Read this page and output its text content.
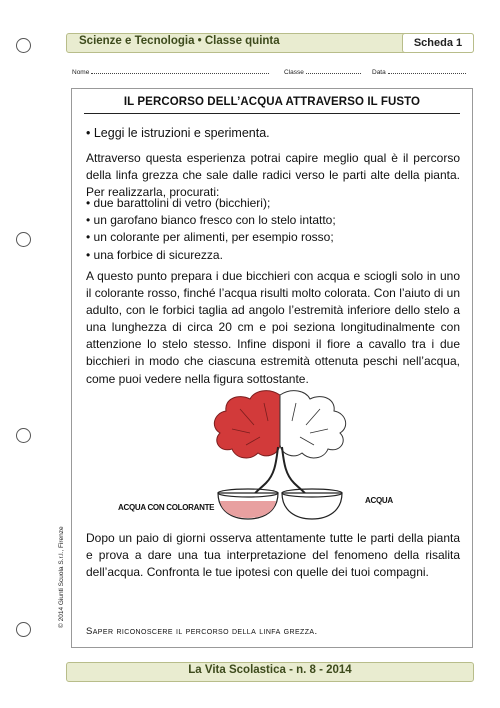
Scienze e Tecnologia • Classe quinta	Scheda 1
Nome	Classe	Data
IL PERCORSO DELL’ACQUA ATTRAVERSO IL FUSTO
• Leggi le istruzioni e sperimenta.

Attraverso questa esperienza potrai capire meglio qual è il percorso della linfa grezza che sale dalle radici verso le parti alte della pianta. Per realizzarla, procurati:

• due barattolini di vetro (bicchieri);
• un garofano bianco fresco con lo stelo intatto;
• un colorante per alimenti, per esempio rosso;
• una forbice di sicurezza.

A questo punto prepara i due bicchieri con acqua e sciogli solo in uno il colorante rosso, finché l’acqua risulti molto colorata. Con l’aiuto di un adulto, con le forbici taglia ad angolo l’estremità inferiore dello stelo a una lunghezza di circa 20 cm e poi seziona longitudinalmente con attenzione lo stelo stesso. Infine disponi il fiore a cavallo tra i due bicchieri in modo che ciascuna estremità ottenuta peschi nell’acqua, come puoi vedere nella figura sottostante.

ACQUA CON COLORANTE
ACQUA

Dopo un paio di giorni osserva attentamente tutte le parti della pianta e prova a dare una tua interpretazione del fenomeno della risalita dell’acqua. Confronta le tue ipotesi con quelle dei tuoi compagni.

Saper riconoscere il percorso della linfa grezza.
© 2014 Giunti Scuola S.r.l., Firenze
La Vita Scolastica - n. 8 - 2014
